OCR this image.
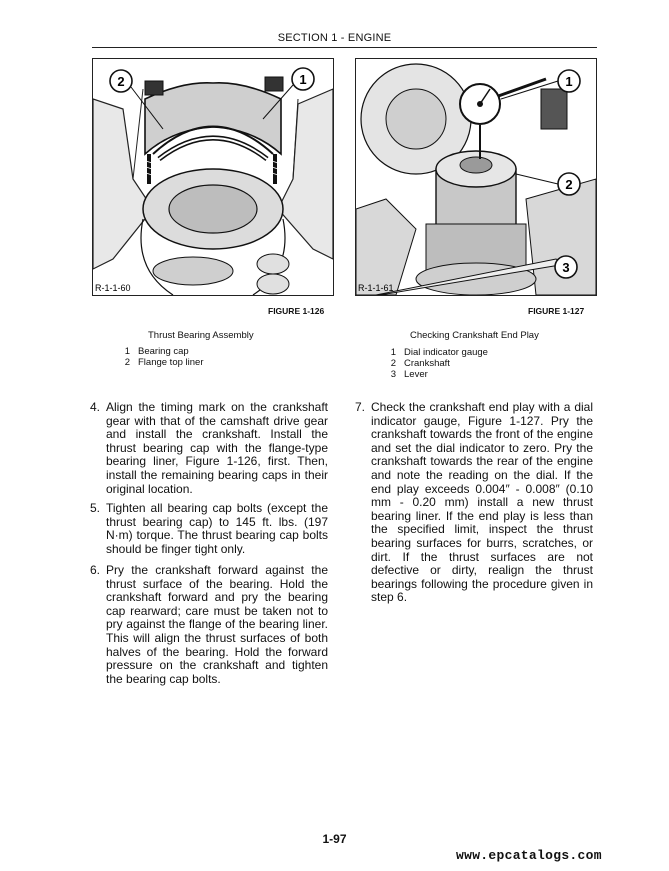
SECTION 1 - ENGINE
2	1
R-1-1-60
1
2
3
R-1-1-61
FIGURE 1-126	FIGURE 1-127
Thrust Bearing Assembly	Checking Crankshaft End Play
1 Bearing cap
2 Flange top liner
1 Dial indicator gauge
2 Crankshaft
3 Lever
4. Align the timing mark on the crankshaft gear with that of the camshaft drive gear and install the crankshaft. Install the thrust bearing cap with the flange-type bearing liner, Figure 1-126, first. Then, install the remaining bearing caps in their original location.
5. Tighten all bearing cap bolts (except the thrust bearing cap) to 145 ft. lbs. (197 N·m) torque. The thrust bearing cap bolts should be finger tight only.
6. Pry the crankshaft forward against the thrust surface of the bearing. Hold the crankshaft forward and pry the bearing cap rearward; care must be taken not to pry against the flange of the bearing liner. This will align the thrust surfaces of both halves of the bearing. Hold the forward pressure on the crankshaft and tighten the bearing cap bolts.
7. Check the crankshaft end play with a dial indicator gauge, Figure 1-127. Pry the crankshaft towards the front of the engine and set the dial indicator to zero. Pry the crankshaft towards the rear of the engine and note the reading on the dial. If the end play exceeds 0.004″ - 0.008″ (0.10 mm - 0.20 mm) install a new thrust bearing liner. If the end play is less than the specified limit, inspect the thrust bearing surfaces for burrs, scratches, or dirt. If the thrust surfaces are not defective or dirty, realign the thrust bearings following the procedure given in step 6.
1-97
www.epcatalogs.com
